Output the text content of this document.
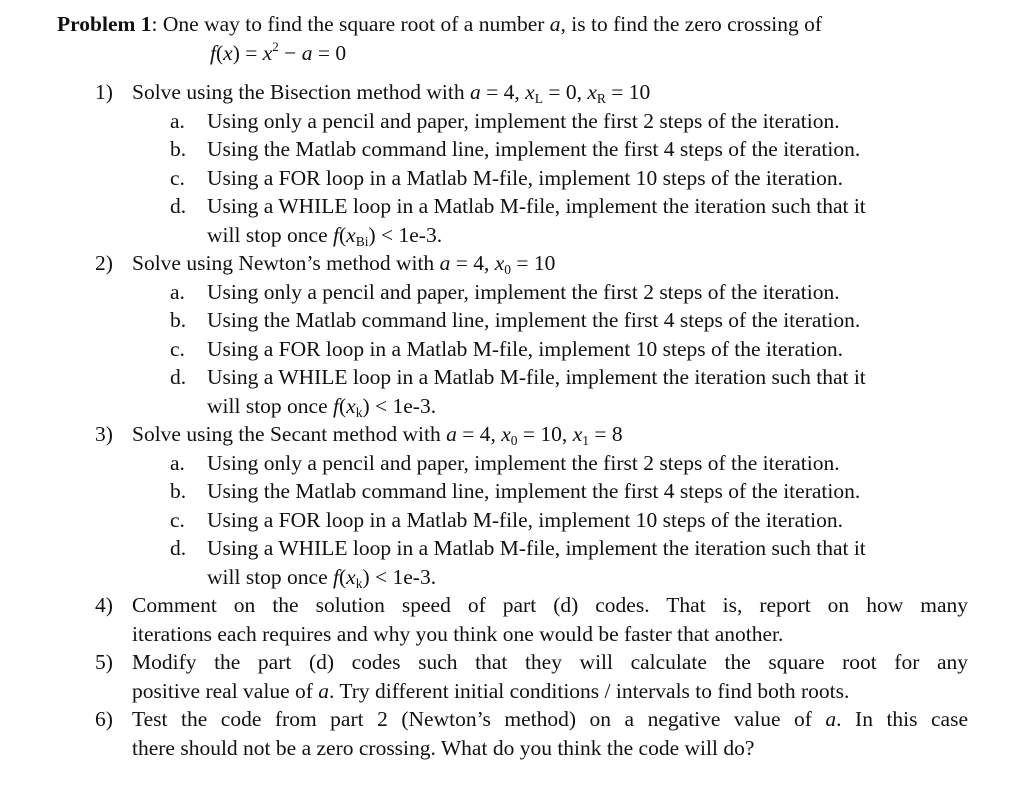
Problem 1: One way to find the square root of a number a, is to find the zero crossing of
$f(x) = x^2 - a = 0$
1) Solve using the Bisection method with a = 4, $x_L = 0$, $x_R = 10$
a. Using only a pencil and paper, implement the first 2 steps of the iteration.
b. Using the Matlab command line, implement the first 4 steps of the iteration.
c. Using a FOR loop in a Matlab M-file, implement 10 steps of the iteration.
d. Using a WHILE loop in a Matlab M-file, implement the iteration such that it
will stop once $f(x_{Bi}) < 1e-3$.
2) Solve using Newton’s method with a = 4, $x_0 = 10$
a. Using only a pencil and paper, implement the first 2 steps of the iteration.
b. Using the Matlab command line, implement the first 4 steps of the iteration.
c. Using a FOR loop in a Matlab M-file, implement 10 steps of the iteration.
d. Using a WHILE loop in a Matlab M-file, implement the iteration such that it
will stop once $f(x_k) < 1e-3$.
3) Solve using the Secant method with a = 4, $x_0 = 10$, $x_1 = 8$
a. Using only a pencil and paper, implement the first 2 steps of the iteration.
b. Using the Matlab command line, implement the first 4 steps of the iteration.
c. Using a FOR loop in a Matlab M-file, implement 10 steps of the iteration.
d. Using a WHILE loop in a Matlab M-file, implement the iteration such that it
will stop once $f(x_k) < 1e-3$.
4) Comment on the solution speed of part (d) codes. That is, report on how many
iterations each requires and why you think one would be faster that another.
5) Modify the part (d) codes such that they will calculate the square root for any
positive real value of a. Try different initial conditions / intervals to find both roots.
6) Test the code from part 2 (Newton’s method) on a negative value of a. In this case
there should not be a zero crossing. What do you think the code will do?
